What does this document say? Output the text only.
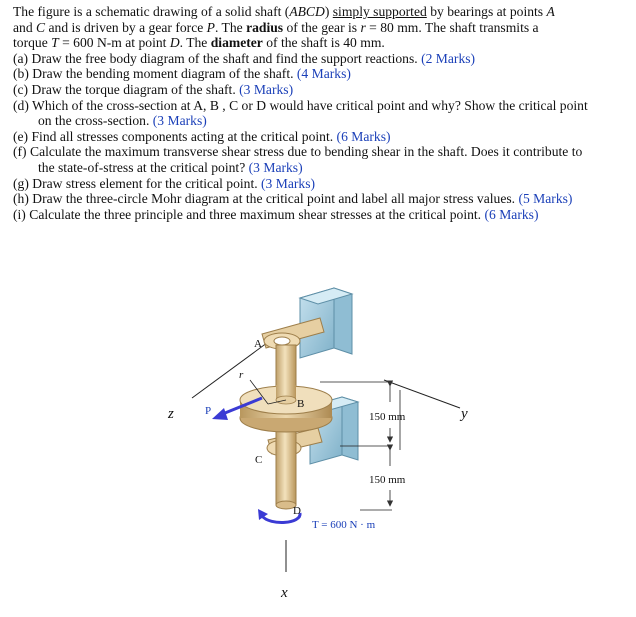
The figure is a schematic drawing of a solid shaft (ABCD) simply supported by bearings at points A
and C and is driven by a gear force P. The radius of the gear is r = 80 mm. The shaft transmits a
torque T = 600 N-m at point D. The diameter of the shaft is 40 mm.
(a) Draw the free body diagram of the shaft and find the support reactions. (2 Marks)
(b) Draw the bending moment diagram of the shaft. (4 Marks)
(c) Draw the torque diagram of the shaft. (3 Marks)
(d) Which of the cross-section at A, B , C or D would have critical point and why? Show the critical point
on the cross-section. (3 Marks)
(e) Find all stresses components acting at the critical point. (6 Marks)
(f) Calculate the maximum transverse shear stress due to bending shear in the shaft. Does it contribute to
the state-of-stress at the critical point? (3 Marks)
(g) Draw stress element for the critical point. (3 Marks)
(h) Draw the three-circle Mohr diagram at the critical point and label all major stress values. (5 Marks)
(i) Calculate the three principle and three maximum shear stresses at the critical point. (6 Marks)
A
B
C
D
r
P
z	y
x
150 mm
150 mm
T = 600 N · m
